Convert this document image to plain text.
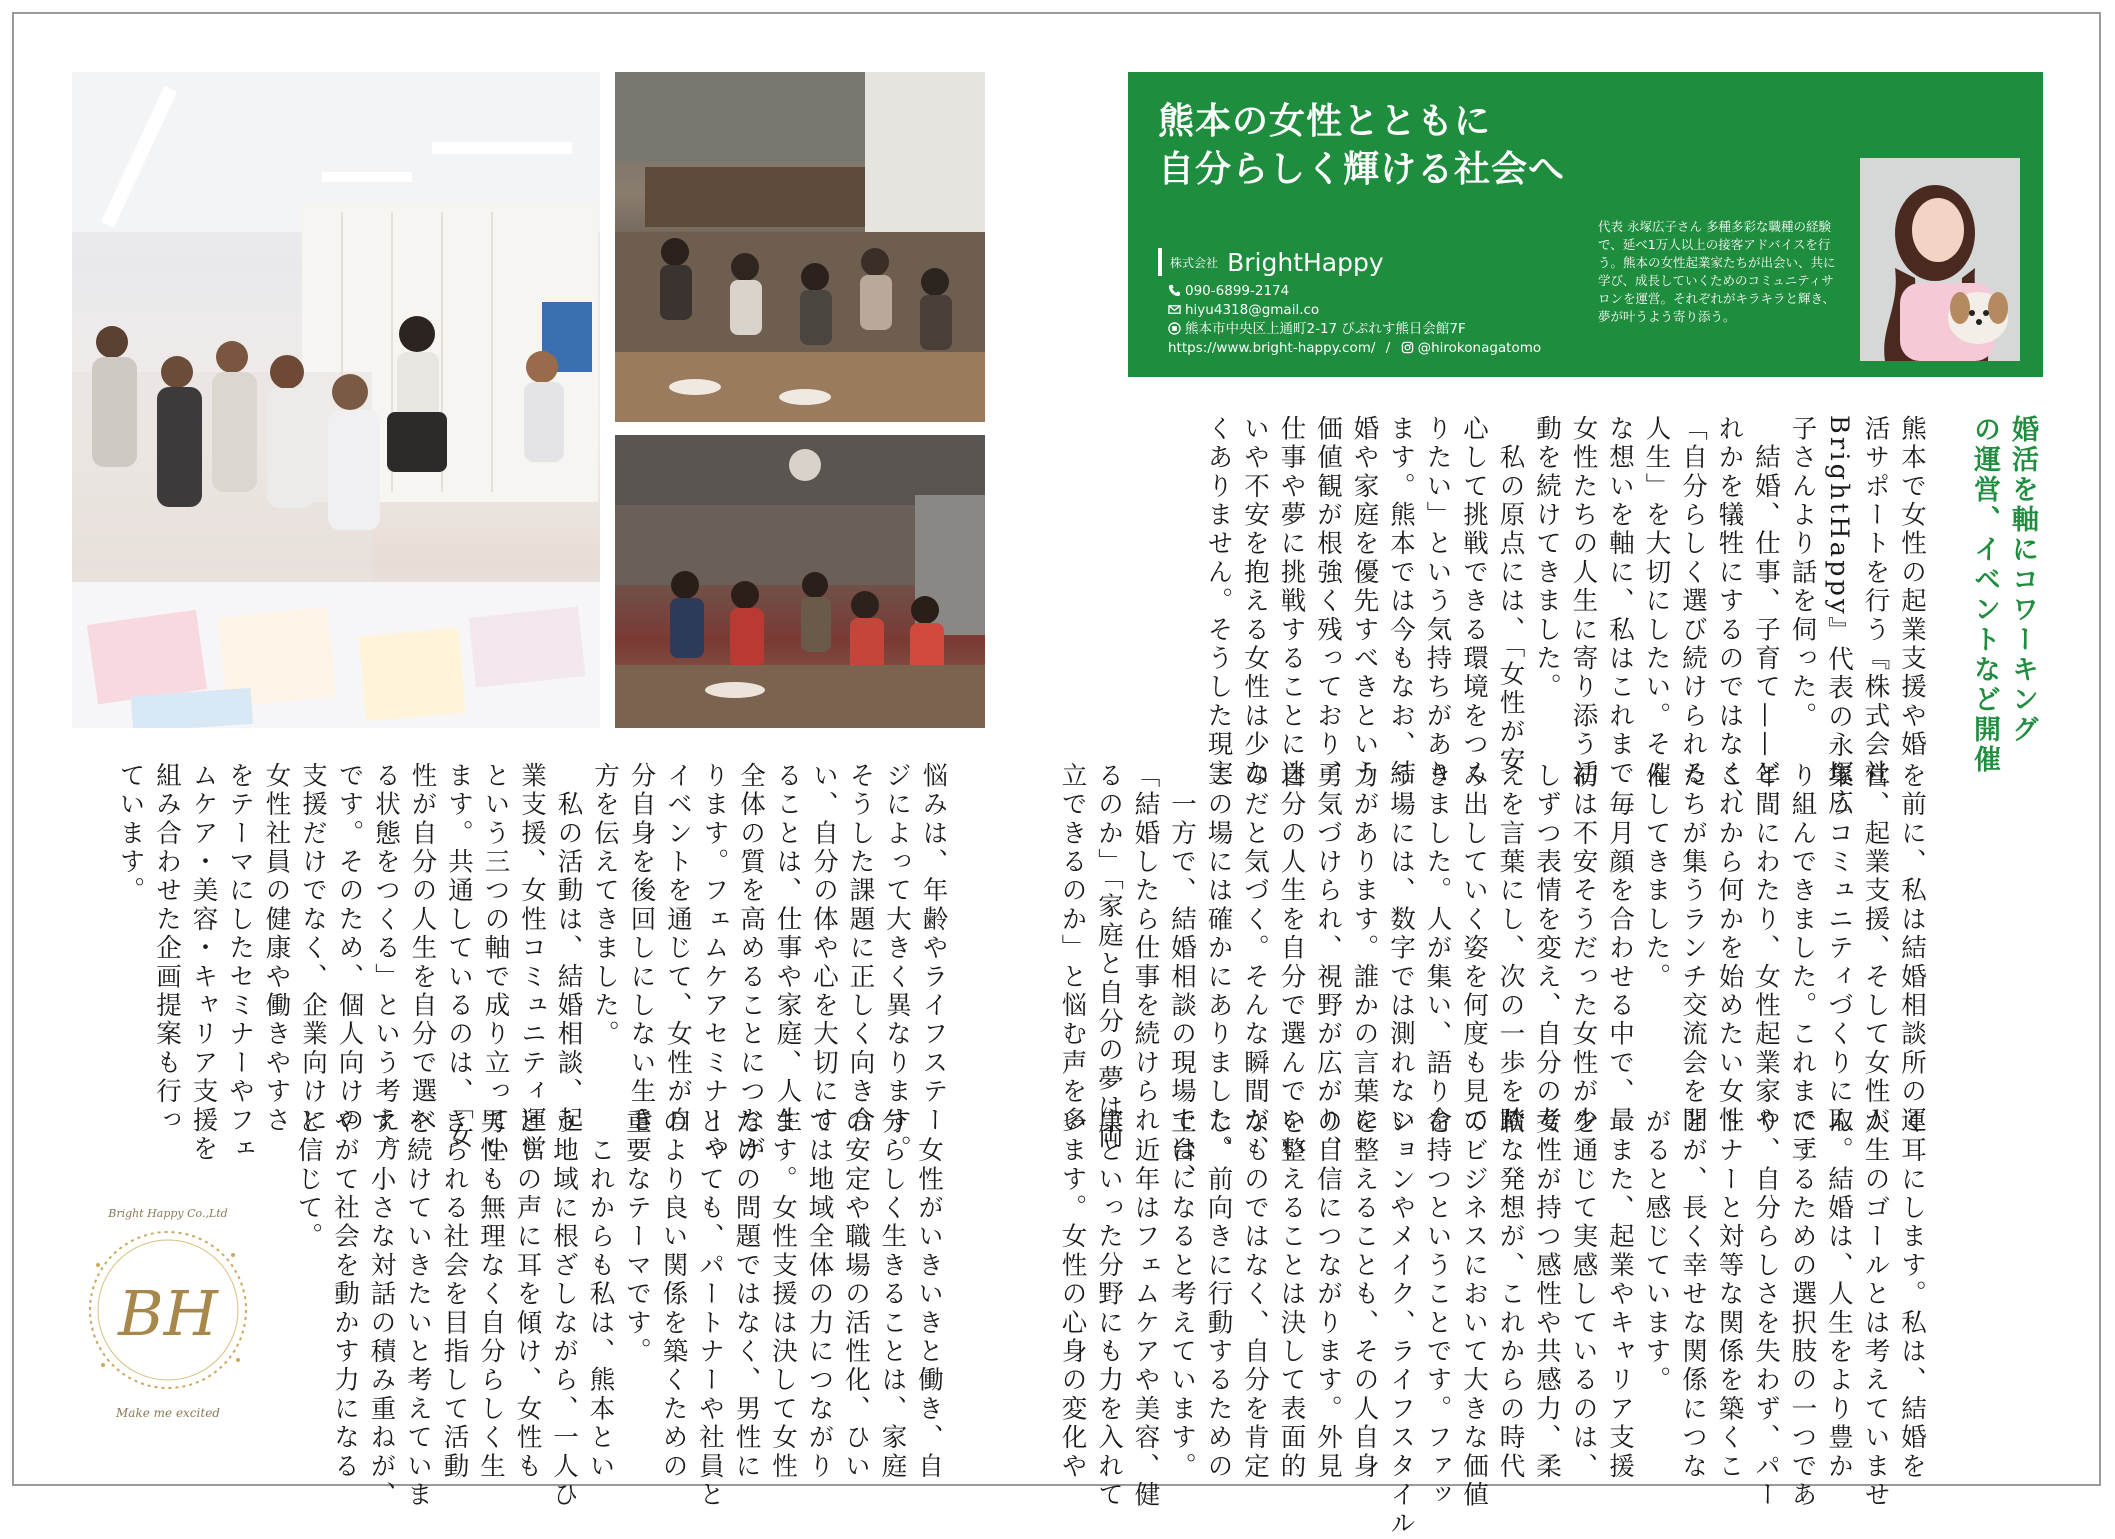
熊本の女性とともに
自分らしく輝ける社会へ
株式会社 BrightHappy
090-6899-2174
hiyu4318@gmail.co
熊本市中央区上通町2-17 びぷれす熊日会館7F
https://www.bright-happy.com/ / @hirokonagatomo
代表 永塚広子さん 多種多彩な職種の経験で、延べ1万人以上の接客アドバイスを行う。熊本の女性起業家たちが出会い、共に学び、成長していくためのコミュニティサロンを運営。それぞれがキラキラと輝き、夢が叶うよう寄り添う。
婚活を軸にコワーキング
の運営、イベントなど開催
熊本で女性の起業支援や婚
活サポートを行う『株式会社
BrightHappy』代表の永塚広
子さんより話を伺った。
　結婚、仕事、子育て——ど
れかを犠牲にするのではなく、
「自分らしく選び続けられる
人生」を大切にしたい。そん
な想いを軸に、私はこれまで
女性たちの人生に寄り添う活
動を続けてきました。
　私の原点には、「女性が安
心して挑戦できる環境をつく
りたい」という気持ちがあり
ます。熊本では今もなお、結
婚や家庭を優先すべきという
価値観が根強く残っており、
仕事や夢に挑戦することに迷
いや不安を抱える女性は少な
くありません。そうした現実
を前に、私は結婚相談所の運
営、起業支援、そして女性が
集うコミュニティづくりに取
り組んできました。これまで三
年間にわたり、女性起業家や
これから何かを始めたい女性
たちが集うランチ交流会を開
催してきました。
　毎月顔を合わせる中で、最
初は不安そうだった女性が少
しずつ表情を変え、自分の考
えを言葉にし、次の一歩を踏
み出していく姿を何度も見て
きました。人が集い、語り合
う場には、数字では測れない
力があります。誰かの言葉に
勇気づけられ、視野が広がり、
自分の人生を自分で選んでいい
のだと気づく。そんな瞬間が、
この場には確かにありました。
　一方で、結婚相談の現場では、
「結婚したら仕事を続けられ
るのか」「家庭と自分の夢は両
立できるのか」と悩む声を多
く耳にします。私は、結婚を
人生のゴールとは考えていませ
ん。結婚は、人生をより豊か
にするための選択肢の一つであ
り、自分らしさを失わず、パー
トナーと対等な関係を築くこ
とが、長く幸せな関係につな
がると感じています。
　また、起業やキャリア支援
を通じて実感しているのは、
女性が持つ感性や共感力、柔
軟な発想が、これからの時代
のビジネスにおいて大きな価値
を持つということです。ファッ
ションやメイク、ライフスタイル
を整えることも、その人自身
の自信につながります。外見
を整えることは決して表面的
なものではなく、自分を肯定
し、前向きに行動するための
土台になると考えています。
　近年はフェムケアや美容、健
康といった分野にも力を入れて
います。女性の心身の変化や
悩みは、年齢やライフステー
ジによって大きく異なります。
そうした課題に正しく向き合
い、自分の体や心を大切にす
ることは、仕事や家庭、人生
全体の質を高めることにつなが
ります。フェムケアセミナーや
イベントを通じて、女性が自
分自身を後回しにしない生き
方を伝えてきました。
　私の活動は、結婚相談、起
業支援、女性コミュニティ運営
という三つの軸で成り立ってい
ます。共通しているのは、「女
性が自分の人生を自分で選べ
る状態をつくる」という考え方
です。そのため、個人向けの
支援だけでなく、企業向けに
女性社員の健康や働きやすさ
をテーマにしたセミナーやフェ
ムケア・美容・キャリア支援を
組み合わせた企画提案も行っ
ています。
　女性がいきいきと働き、自
分らしく生きることは、家庭
の安定や職場の活性化、ひい
ては地域全体の力につながり
ます。女性支援は決して女性
だけの問題ではなく、男性に
とっても、パートナーや社員と
のより良い関係を築くための
重要なテーマです。
　これからも私は、熊本とい
う地域に根ざしながら、一人ひ
とりの声に耳を傾け、女性も
男性も無理なく自分らしく生
きられる社会を目指して活動
を続けていきたいと考えていま
す。小さな対話の積み重ねが、
やがて社会を動かす力になる
と信じて。
Bright Happy Co.,Ltd
BH
Make me excited
